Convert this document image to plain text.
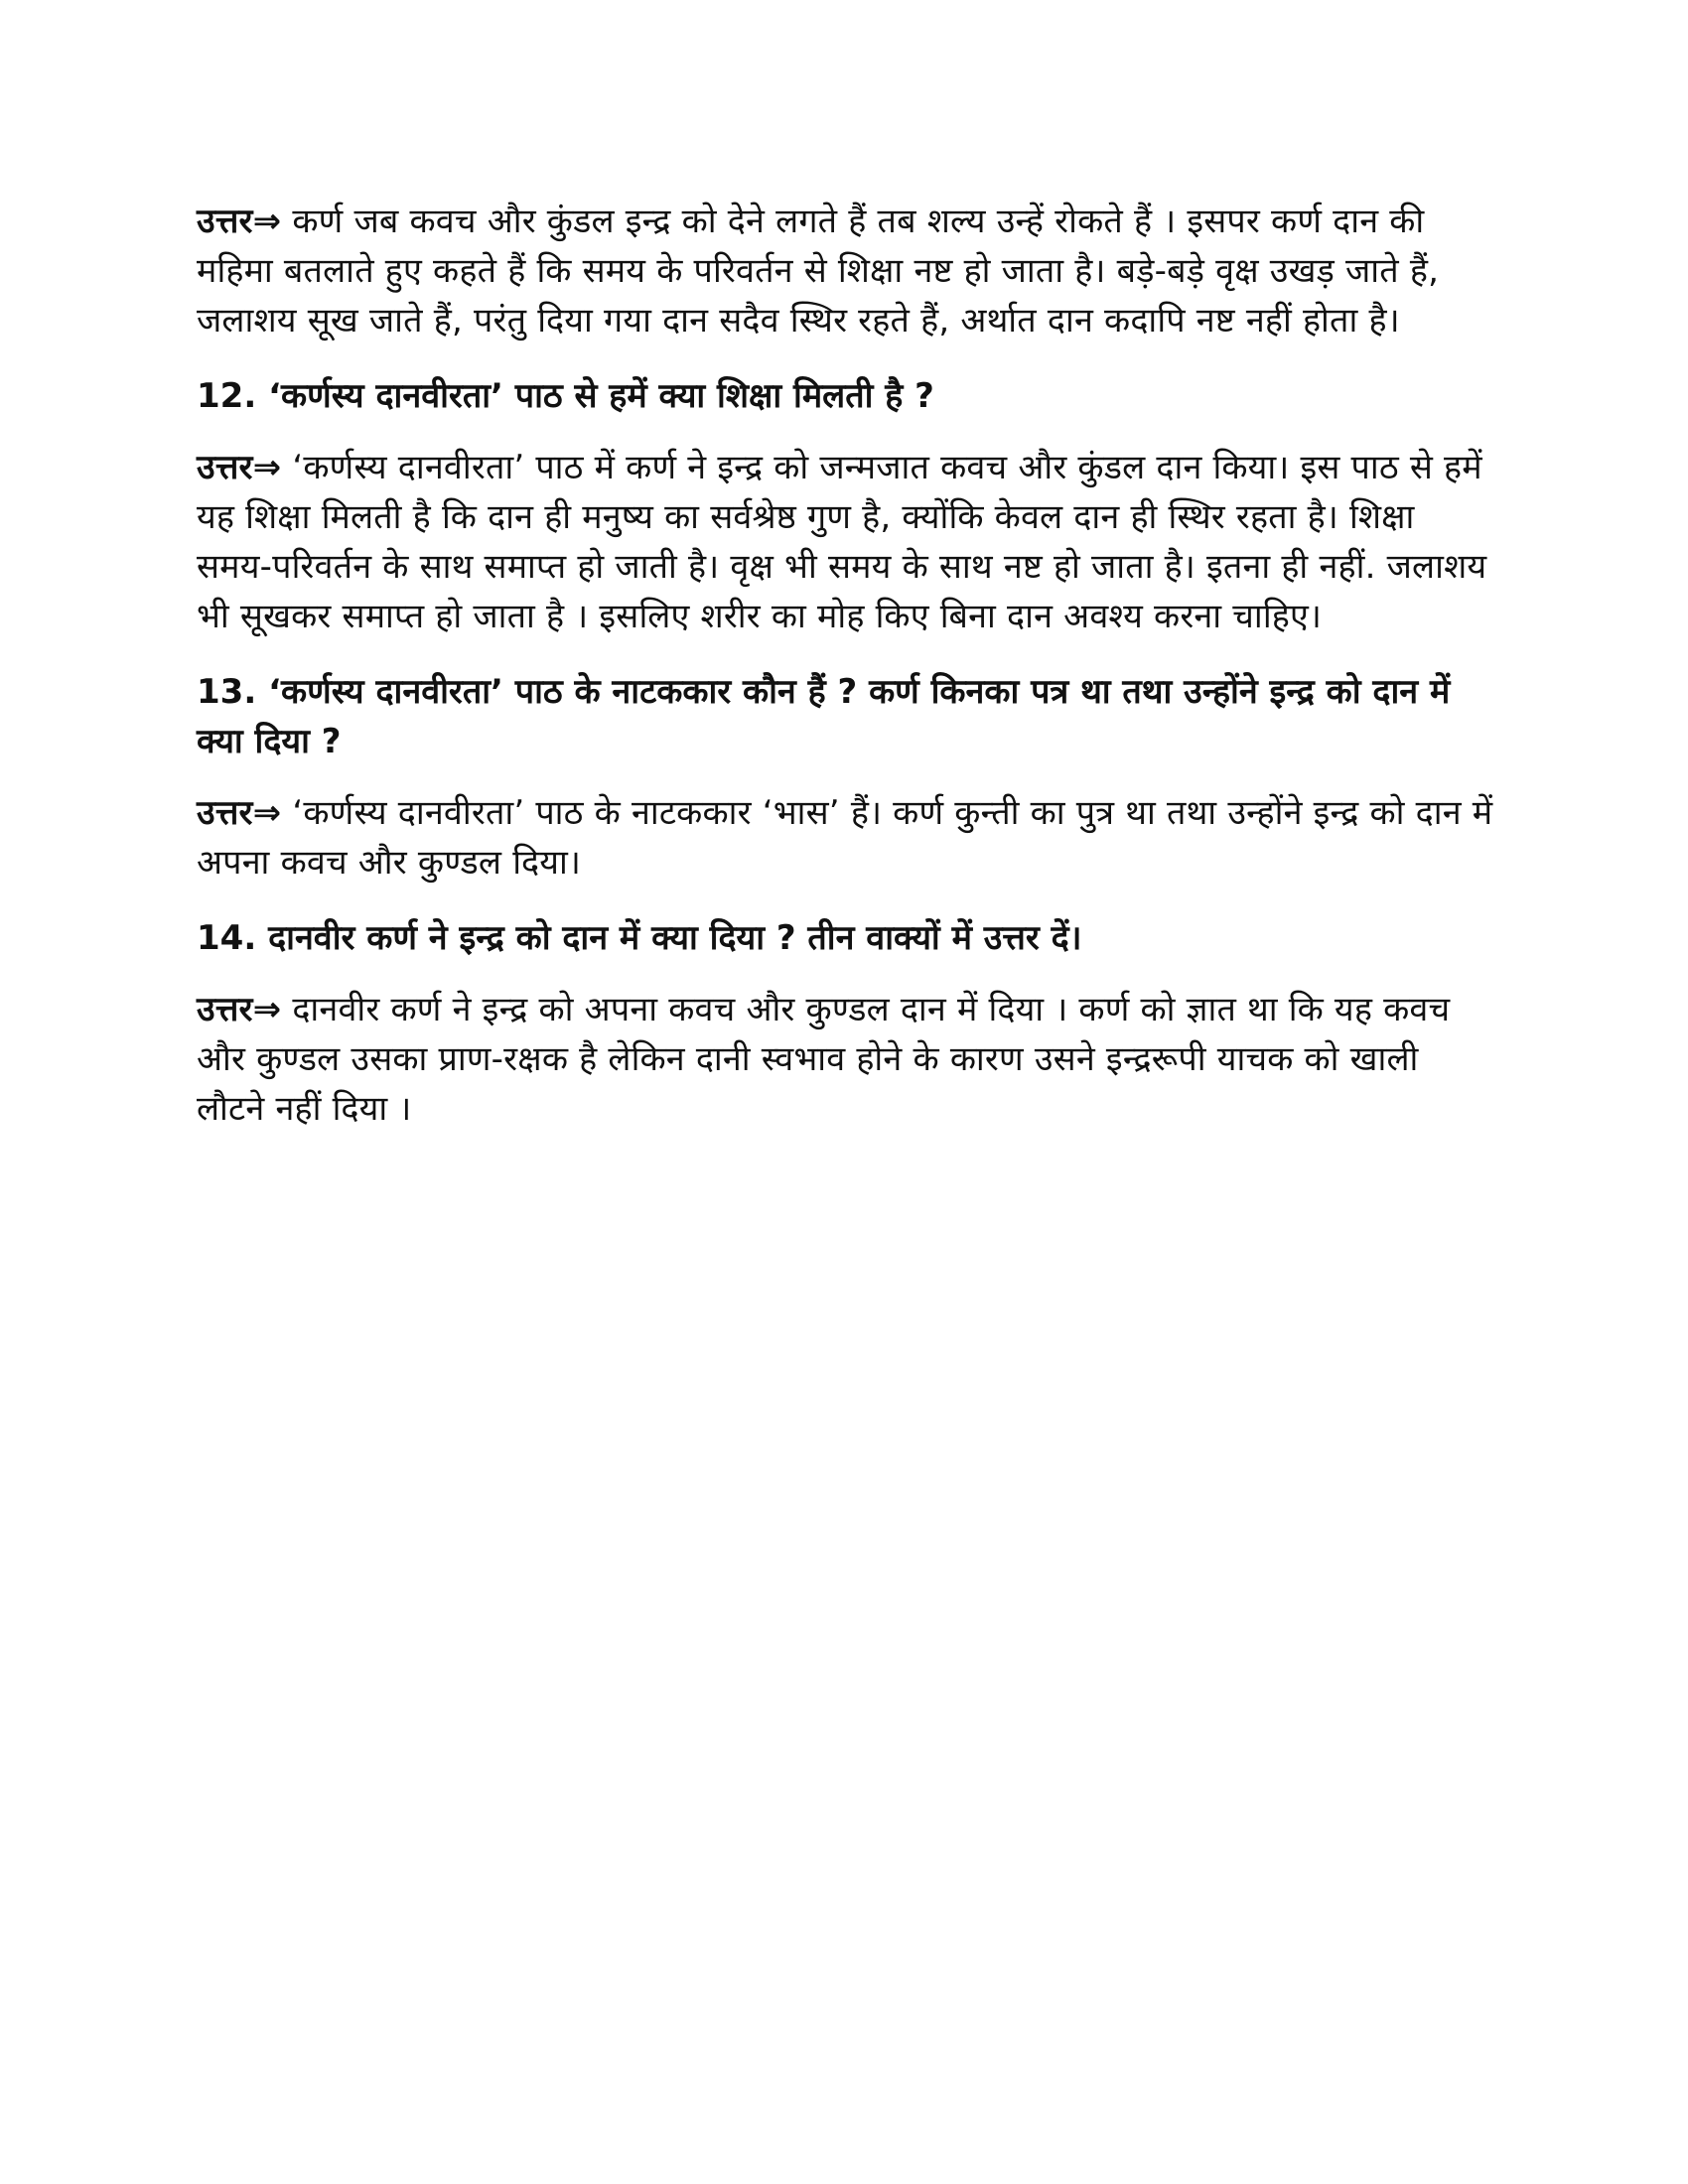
उत्तर⇒ कर्ण जब कवच और कुंडल इन्द्र को देने लगते हैं तब शल्य उन्हें रोकते हैं । इसपर कर्ण दान की महिमा बतलाते हुए कहते हैं कि समय के परिवर्तन से शिक्षा नष्ट हो जाता है। बड़े-बड़े वृक्ष उखड़ जाते हैं, जलाशय सूख जाते हैं, परंतु दिया गया दान सदैव स्थिर रहते हैं, अर्थात दान कदापि नष्ट नहीं होता है।

12. ‘कर्णस्य दानवीरता’ पाठ से हमें क्या शिक्षा मिलती है ?

उत्तर⇒ ‘कर्णस्य दानवीरता’ पाठ में कर्ण ने इन्द्र को जन्मजात कवच और कुंडल दान किया। इस पाठ से हमें यह शिक्षा मिलती है कि दान ही मनुष्य का सर्वश्रेष्ठ गुण है, क्योंकि केवल दान ही स्थिर रहता है। शिक्षा समय-परिवर्तन के साथ समाप्त हो जाती है। वृक्ष भी समय के साथ नष्ट हो जाता है। इतना ही नहीं. जलाशय भी सूखकर समाप्त हो जाता है । इसलिए शरीर का मोह किए बिना दान अवश्य करना चाहिए।

13. ‘कर्णस्य दानवीरता’ पाठ के नाटककार कौन हैं ? कर्ण किनका पत्र था तथा उन्होंने इन्द्र को दान में क्या दिया ?

उत्तर⇒ ‘कर्णस्य दानवीरता’ पाठ के नाटककार ‘भास’ हैं। कर्ण कुन्ती का पुत्र था तथा उन्होंने इन्द्र को दान में अपना कवच और कुण्डल दिया।

14. दानवीर कर्ण ने इन्द्र को दान में क्या दिया ? तीन वाक्यों में उत्तर दें।

उत्तर⇒ दानवीर कर्ण ने इन्द्र को अपना कवच और कुण्डल दान में दिया । कर्ण को ज्ञात था कि यह कवच और कुण्डल उसका प्राण-रक्षक है लेकिन दानी स्वभाव होने के कारण उसने इन्द्ररूपी याचक को खाली लौटने नहीं दिया ।
